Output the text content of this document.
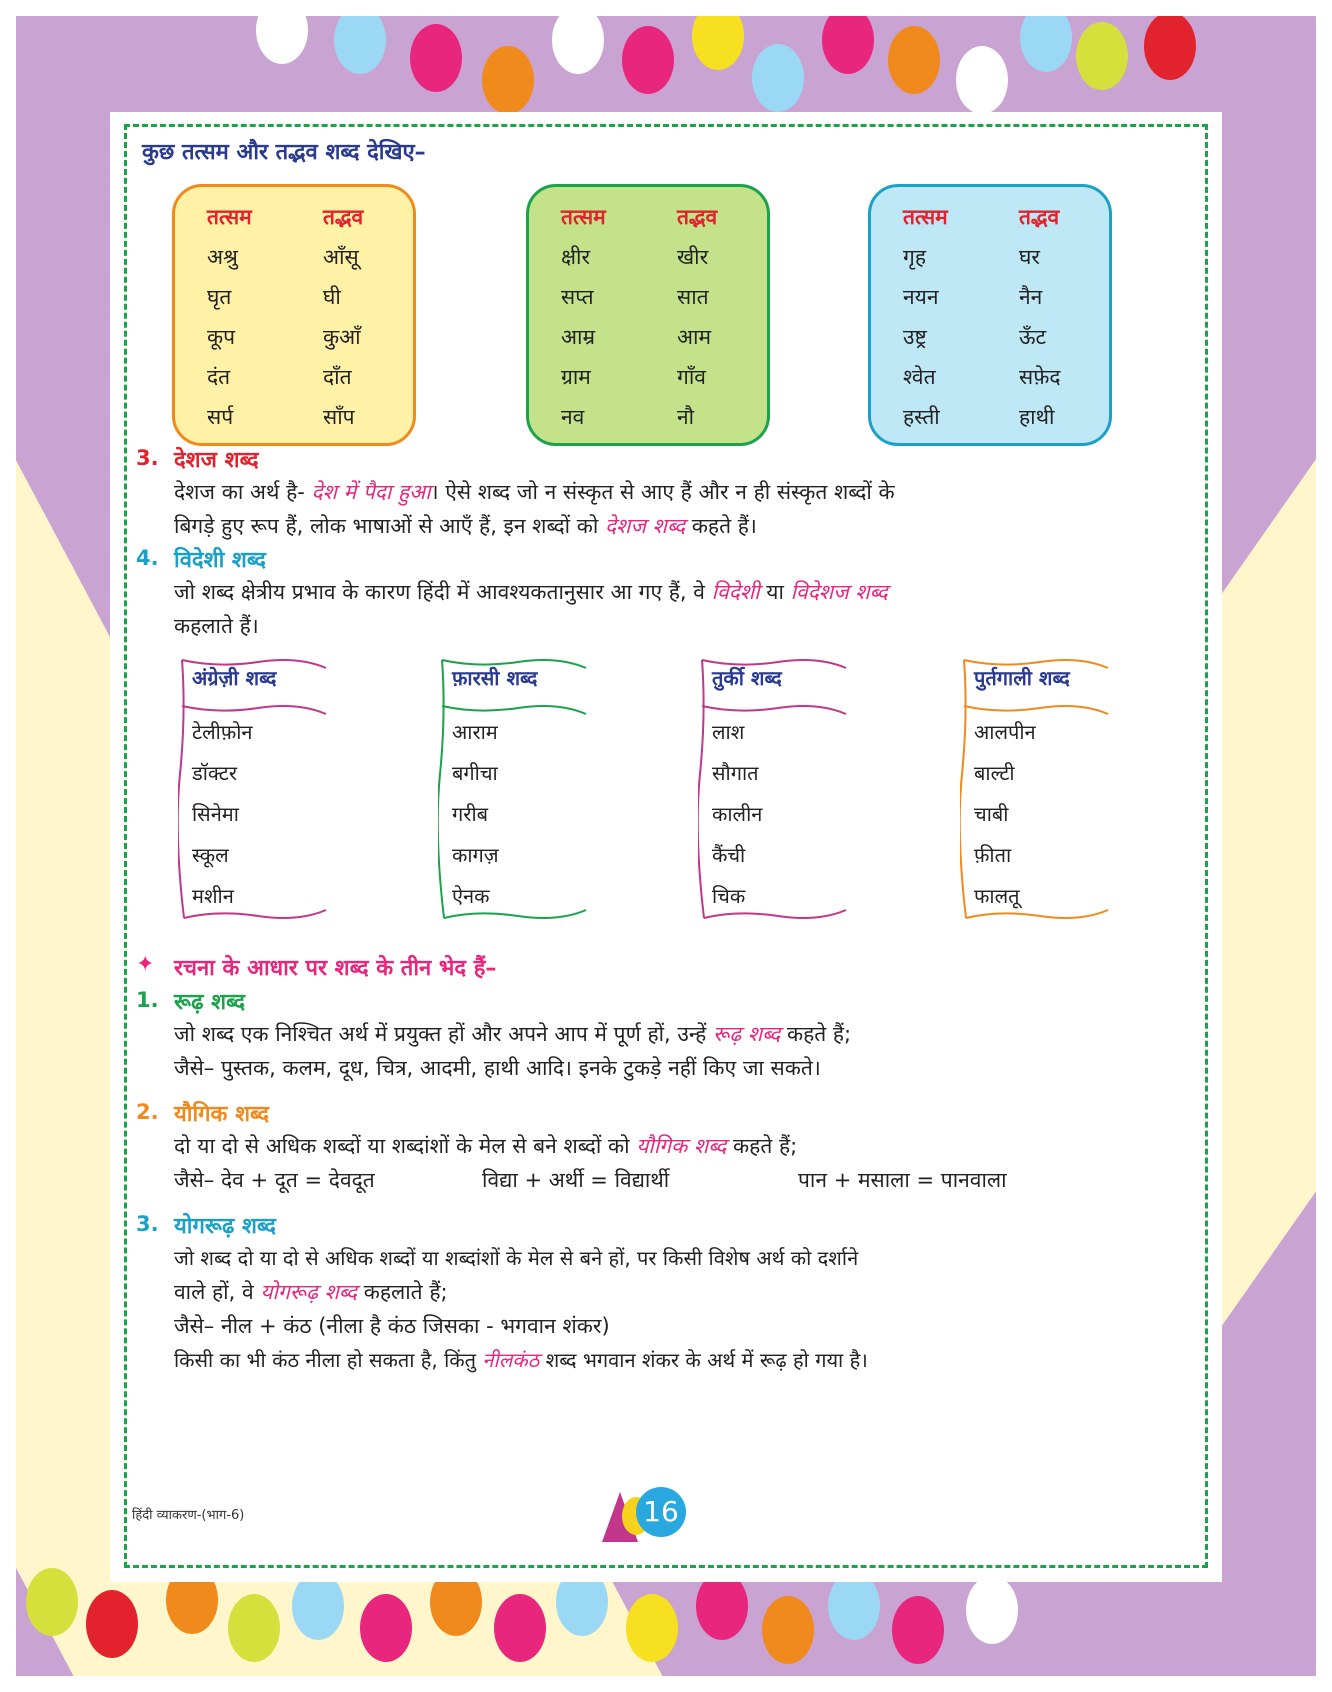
कुछ तत्सम और तद्भव शब्द देखिए–
तत्सम	तद्भव
अश्रु	आँसू
घृत	घी
कूप	कुआँ
दंत	दाँत
सर्प	साँप
तत्सम	तद्भव
क्षीर	खीर
सप्त	सात
आम्र	आम
ग्राम	गाँव
नव	नौ
तत्सम	तद्भव
गृह	घर
नयन	नैन
उष्ट्र	ऊँट
श्वेत	सफ़ेद
हस्ती	हाथी
3. देशज शब्द
देशज का अर्थ है- देश में पैदा हुआ। ऐसे शब्द जो न संस्कृत से आए हैं और न ही संस्कृत शब्दों के
बिगड़े हुए रूप हैं, लोक भाषाओं से आएँ हैं, इन शब्दों को देशज शब्द कहते हैं।
4. विदेशी शब्द
जो शब्द क्षेत्रीय प्रभाव के कारण हिंदी में आवश्यकतानुसार आ गए हैं, वे विदेशी या विदेशज शब्द
कहलाते हैं।
अंग्रेज़ी शब्द
टेलीफ़ोन
डॉक्टर
सिनेमा
स्कूल
मशीन
फ़ारसी शब्द
आराम
बगीचा
गरीब
कागज़
ऐनक
तुर्की शब्द
लाश
सौगात
कालीन
कैंची
चिक
पुर्तगाली शब्द
आलपीन
बाल्टी
चाबी
फ़ीता
फालतू
✦ रचना के आधार पर शब्द के तीन भेद हैं–
1. रूढ़ शब्द
जो शब्द एक निश्चित अर्थ में प्रयुक्त हों और अपने आप में पूर्ण हों, उन्हें रूढ़ शब्द कहते हैं;
जैसे– पुस्तक, कलम, दूध, चित्र, आदमी, हाथी आदि। इनके टुकड़े नहीं किए जा सकते।
2. यौगिक शब्द
दो या दो से अधिक शब्दों या शब्दांशों के मेल से बने शब्दों को यौगिक शब्द कहते हैं;
जैसे– देव + दूत = देवदूत	विद्या + अर्थी = विद्यार्थी	पान + मसाला = पानवाला
3. योगरूढ़ शब्द
जो शब्द दो या दो से अधिक शब्दों या शब्दांशों के मेल से बने हों, पर किसी विशेष अर्थ को दर्शाने
वाले हों, वे योगरूढ़ शब्द कहलाते हैं;
जैसे– नील + कंठ (नीला है कंठ जिसका - भगवान शंकर)
किसी का भी कंठ नीला हो सकता है, किंतु नीलकंठ शब्द भगवान शंकर के अर्थ में रूढ़ हो गया है।
16
हिंदी व्याकरण-(भाग-6)
